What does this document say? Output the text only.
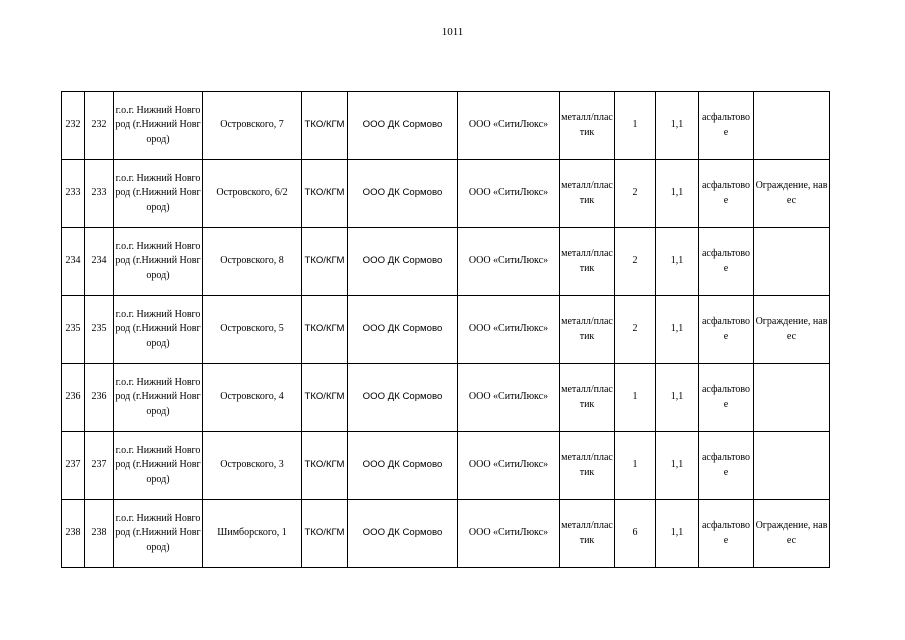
1011
232	232	г.о.г. Нижний Новгород (г.Нижний Новгород)	Островского, 7	ТКО/КГМ	ООО ДК Сормово	ООО «СитиЛюкс»	металл/пластик	1	1,1	асфальтовое	
233	233	г.о.г. Нижний Новгород (г.Нижний Новгород)	Островского, 6/2	ТКО/КГМ	ООО ДК Сормово	ООО «СитиЛюкс»	металл/пластик	2	1,1	асфальтовое	Ограждение, навес
234	234	г.о.г. Нижний Новгород (г.Нижний Новгород)	Островского, 8	ТКО/КГМ	ООО ДК Сормово	ООО «СитиЛюкс»	металл/пластик	2	1,1	асфальтовое	
235	235	г.о.г. Нижний Новгород (г.Нижний Новгород)	Островского, 5	ТКО/КГМ	ООО ДК Сормово	ООО «СитиЛюкс»	металл/пластик	2	1,1	асфальтовое	Ограждение, навес
236	236	г.о.г. Нижний Новгород (г.Нижний Новгород)	Островского, 4	ТКО/КГМ	ООО ДК Сормово	ООО «СитиЛюкс»	металл/пластик	1	1,1	асфальтовое	
237	237	г.о.г. Нижний Новгород (г.Нижний Новгород)	Островского, 3	ТКО/КГМ	ООО ДК Сормово	ООО «СитиЛюкс»	металл/пластик	1	1,1	асфальтовое	
238	238	г.о.г. Нижний Новгород (г.Нижний Новгород)	Шимборского, 1	ТКО/КГМ	ООО ДК Сормово	ООО «СитиЛюкс»	металл/пластик	6	1,1	асфальтовое	Ограждение, навес
